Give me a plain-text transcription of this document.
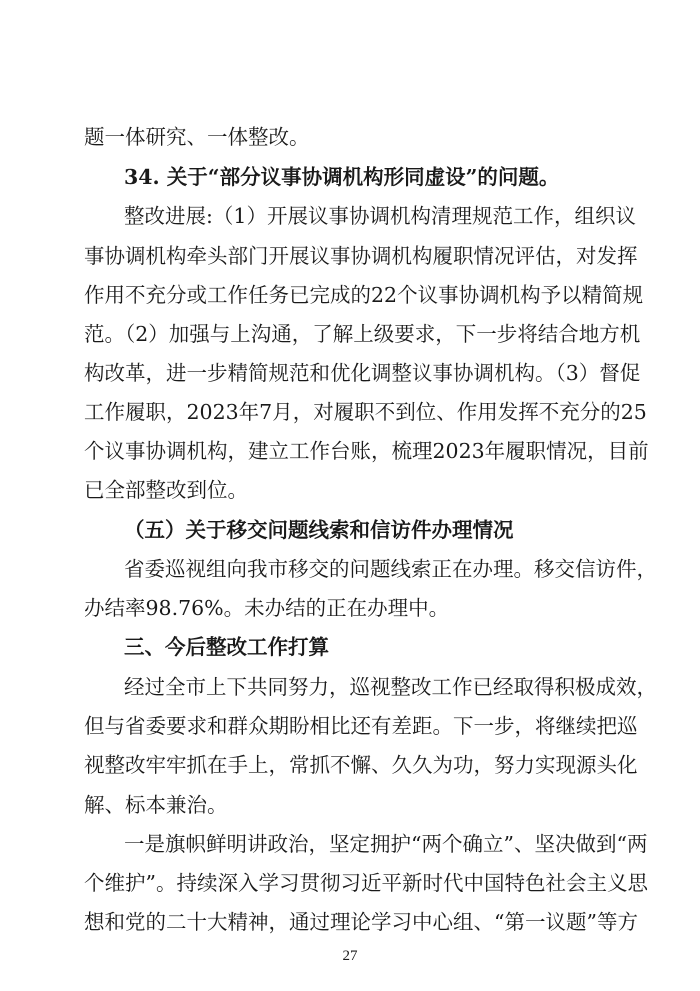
题一体研究、一体整改。
34. 关于“部分议事协调机构形同虚设”的问题。
整改进展:（1）开展议事协调机构清理规范工作，组织议
事协调机构牵头部门开展议事协调机构履职情况评估，对发挥
作用不充分或工作任务已完成的22个议事协调机构予以精简规
范。（2）加强与上沟通，了解上级要求，下一步将结合地方机
构改革，进一步精简规范和优化调整议事协调机构。（3）督促
工作履职，2023年7月，对履职不到位、作用发挥不充分的25
个议事协调机构，建立工作台账，梳理2023年履职情况，目前
已全部整改到位。
（五）关于移交问题线索和信访件办理情况
省委巡视组向我市移交的问题线索正在办理。移交信访件，
办结率98.76%。未办结的正在办理中。
三、今后整改工作打算
经过全市上下共同努力，巡视整改工作已经取得积极成效，
但与省委要求和群众期盼相比还有差距。下一步，将继续把巡
视整改牢牢抓在手上，常抓不懈、久久为功，努力实现源头化
解、标本兼治。
一是旗帜鲜明讲政治，坚定拥护“两个确立”、坚决做到“两
个维护”。持续深入学习贯彻习近平新时代中国特色社会主义思
想和党的二十大精神，通过理论学习中心组、“第一议题”等方
27
